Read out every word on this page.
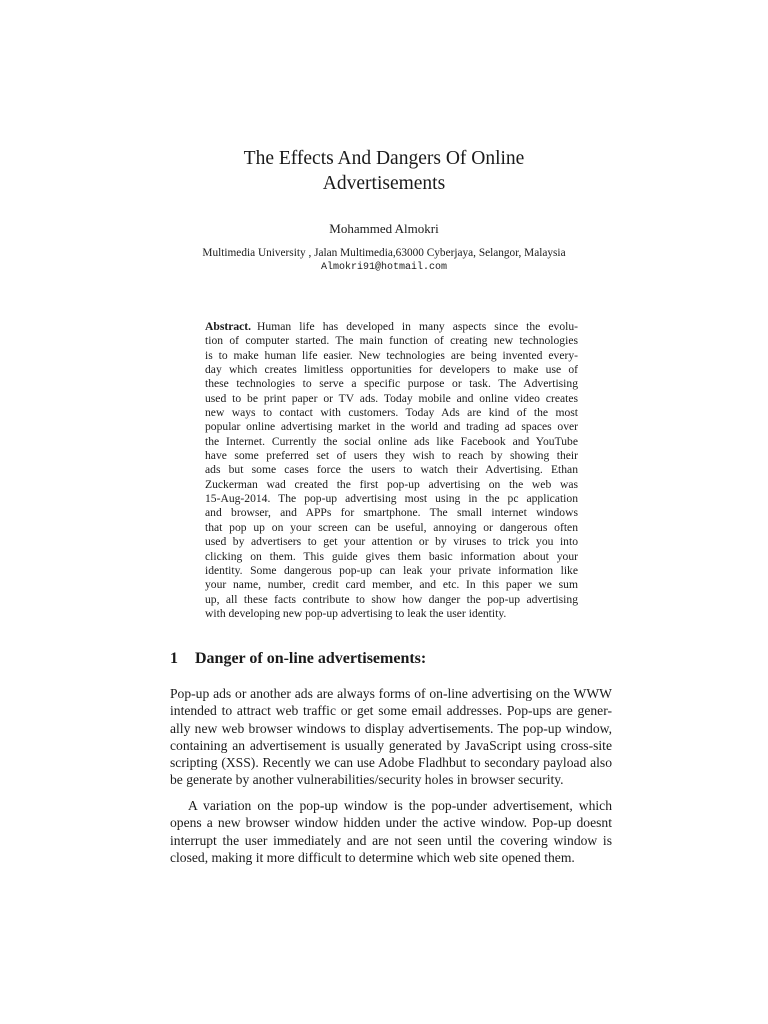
The Effects And Dangers Of Online
Advertisements
Mohammed Almokri
Multimedia University , Jalan Multimedia,63000 Cyberjaya, Selangor, Malaysia
Almokri91@hotmail.com
Abstract. Human life has developed in many aspects since the evolu-
tion of computer started. The main function of creating new technologies
is to make human life easier. New technologies are being invented every-
day which creates limitless opportunities for developers to make use of
these technologies to serve a specific purpose or task. The Advertising
used to be print paper or TV ads. Today mobile and online video creates
new ways to contact with customers. Today Ads are kind of the most
popular online advertising market in the world and trading ad spaces over
the Internet. Currently the social online ads like Facebook and YouTube
have some preferred set of users they wish to reach by showing their
ads but some cases force the users to watch their Advertising. Ethan
Zuckerman wad created the first pop-up advertising on the web was
15-Aug-2014. The pop-up advertising most using in the pc application
and browser, and APPs for smartphone. The small internet windows
that pop up on your screen can be useful, annoying or dangerous often
used by advertisers to get your attention or by viruses to trick you into
clicking on them. This guide gives them basic information about your
identity. Some dangerous pop-up can leak your private information like
your name, number, credit card member, and etc. In this paper we sum
up, all these facts contribute to show how danger the pop-up advertising
with developing new pop-up advertising to leak the user identity.
1 Danger of on-line advertisements:
Pop-up ads or another ads are always forms of on-line advertising on the WWW
intended to attract web traffic or get some email addresses. Pop-ups are gener-
ally new web browser windows to display advertisements. The pop-up window,
containing an advertisement is usually generated by JavaScript using cross-site
scripting (XSS). Recently we can use Adobe Fladhbut to secondary payload also
be generate by another vulnerabilities/security holes in browser security.
A variation on the pop-up window is the pop-under advertisement, which
opens a new browser window hidden under the active window. Pop-up doesnt
interrupt the user immediately and are not seen until the covering window is
closed, making it more difficult to determine which web site opened them.
